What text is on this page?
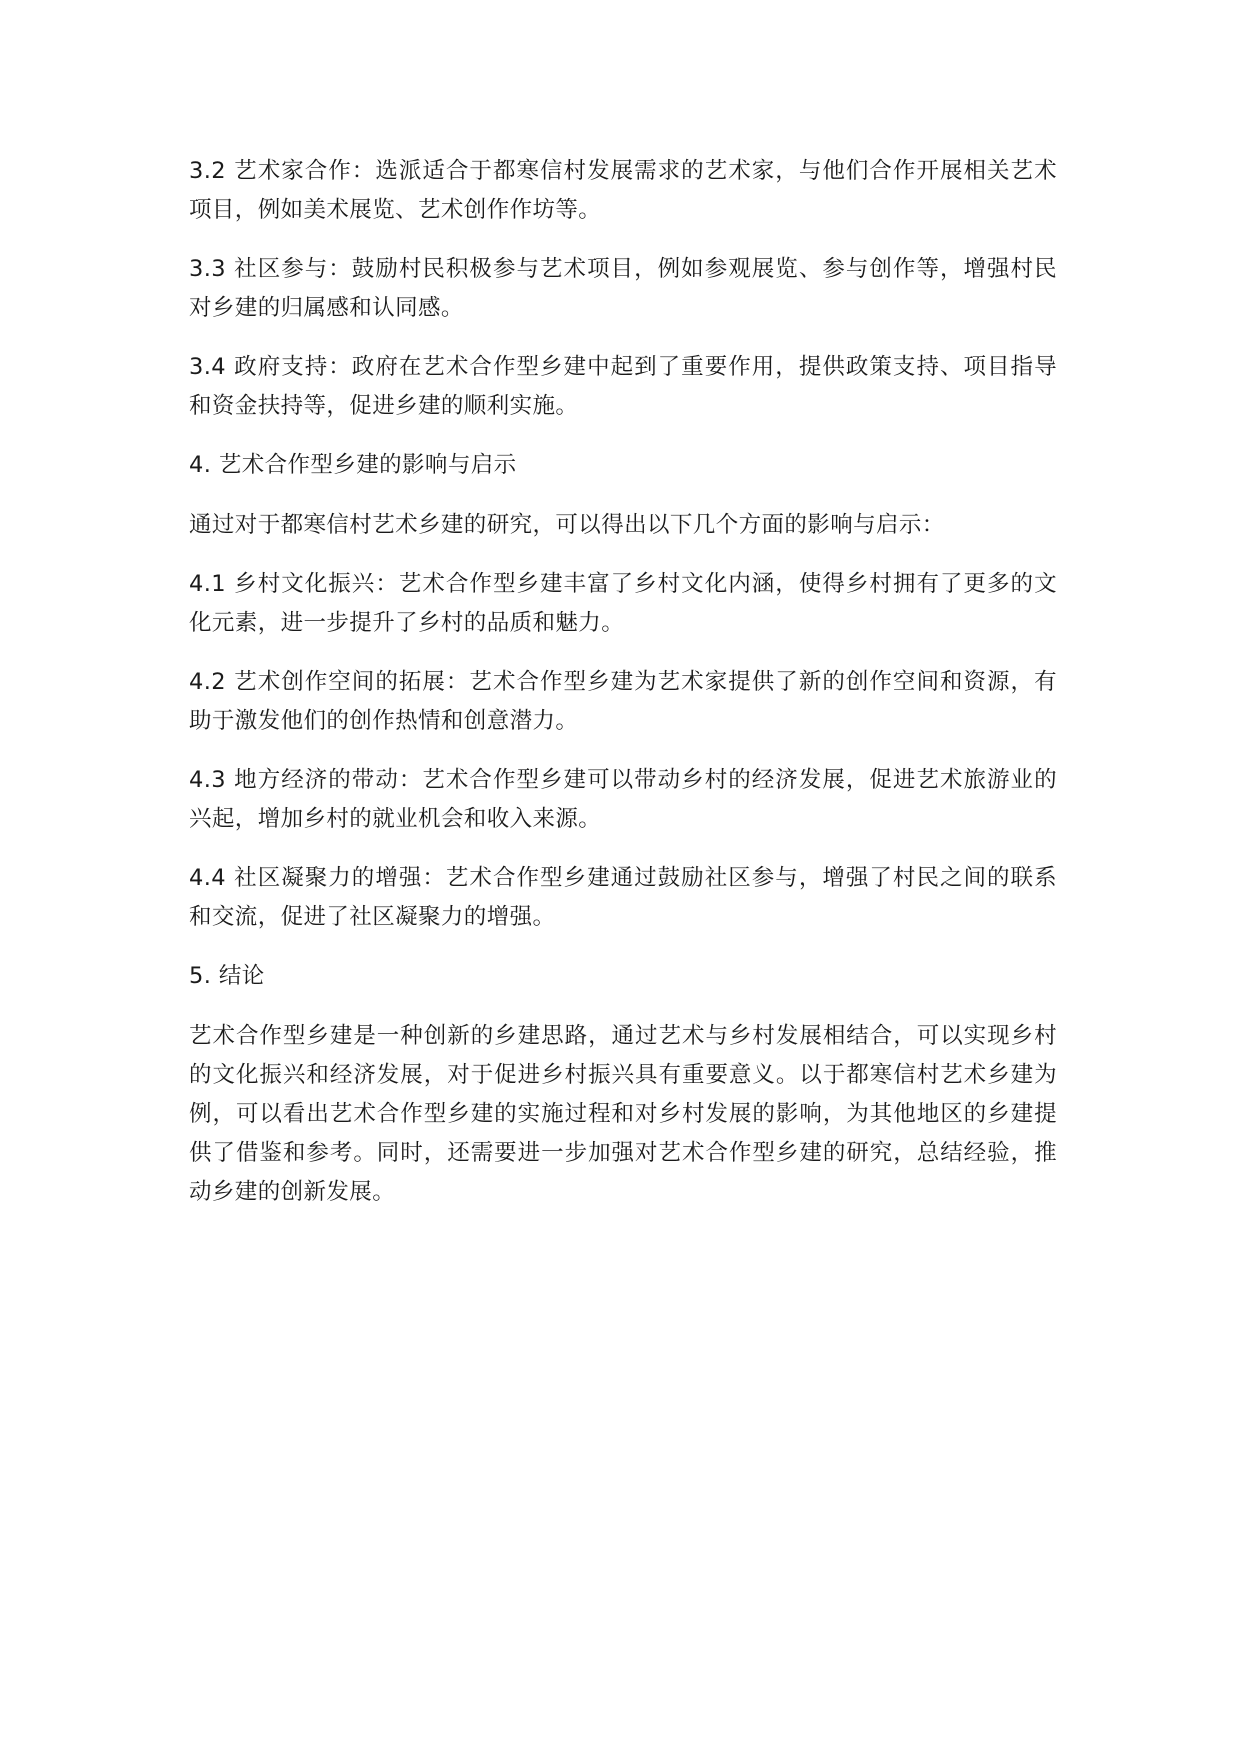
3.2 艺术家合作：选派适合于都寒信村发展需求的艺术家，与他们合作开展相关艺术项目，例如美术展览、艺术创作作坊等。

3.3 社区参与：鼓励村民积极参与艺术项目，例如参观展览、参与创作等，增强村民对乡建的归属感和认同感。

3.4 政府支持：政府在艺术合作型乡建中起到了重要作用，提供政策支持、项目指导和资金扶持等，促进乡建的顺利实施。

4. 艺术合作型乡建的影响与启示

通过对于都寒信村艺术乡建的研究，可以得出以下几个方面的影响与启示：

4.1 乡村文化振兴：艺术合作型乡建丰富了乡村文化内涵，使得乡村拥有了更多的文化元素，进一步提升了乡村的品质和魅力。

4.2 艺术创作空间的拓展：艺术合作型乡建为艺术家提供了新的创作空间和资源，有助于激发他们的创作热情和创意潜力。

4.3 地方经济的带动：艺术合作型乡建可以带动乡村的经济发展，促进艺术旅游业的兴起，增加乡村的就业机会和收入来源。

4.4 社区凝聚力的增强：艺术合作型乡建通过鼓励社区参与，增强了村民之间的联系和交流，促进了社区凝聚力的增强。

5. 结论

艺术合作型乡建是一种创新的乡建思路，通过艺术与乡村发展相结合，可以实现乡村的文化振兴和经济发展，对于促进乡村振兴具有重要意义。以于都寒信村艺术乡建为例，可以看出艺术合作型乡建的实施过程和对乡村发展的影响，为其他地区的乡建提供了借鉴和参考。同时，还需要进一步加强对艺术合作型乡建的研究，总结经验，推动乡建的创新发展。
